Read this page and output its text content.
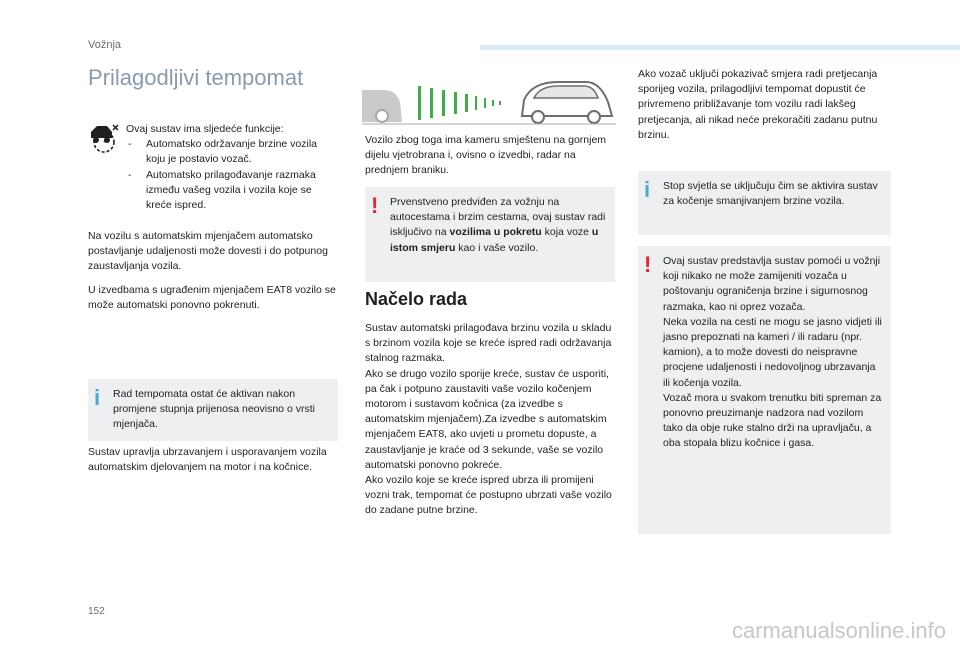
Vožnja
Prilagodljivi tempomat

Ovaj sustav ima sljedeće funkcije:

- Automatsko održavanje brzine vozila koju je postavio vozač.
- Automatsko prilagođavanje razmaka između vašeg vozila i vozila koje se kreće ispred.

Na vozilu s automatskim mjenjačem automatsko postavljanje udaljenosti može dovesti i do potpunog zaustavljanja vozila.

U izvedbama s ugrađenim mjenjačem EAT8 vozilo se može automatski ponovno pokrenuti.

i Rad tempomata ostat će aktivan nakon promjene stupnja prijenosa neovisno o vrsti mjenjača.

Sustav upravlja ubrzavanjem i usporavanjem vozila automatskim djelovanjem na motor i na kočnice.

Vozilo zbog toga ima kameru smještenu na gornjem dijelu vjetrobrana i, ovisno o izvedbi, radar na prednjem braniku.

! Prvenstveno predviđen za vožnju na autocestama i brzim cestama, ovaj sustav radi isključivo na vozilima u pokretu koja voze u istom smjeru kao i vaše vozilo.

Načelo rada

Sustav automatski prilagođava brzinu vozila u skladu s brzinom vozila koje se kreće ispred radi održavanja stalnog razmaka.

Ako se drugo vozilo sporije kreće, sustav će usporiti, pa čak i potpuno zaustaviti vaše vozilo kočenjem motorom i sustavom kočnica (za izvedbe s automatskim mjenjačem).Za izvedbe s automatskim mjenjačem EAT8, ako uvjeti u prometu dopuste, a zaustavljanje je kraće od 3 sekunde, vaše se vozilo automatski ponovno pokreće.

Ako vozilo koje se kreće ispred ubrza ili promijeni vozni trak, tempomat će postupno ubrzati vaše vozilo do zadane putne brzine.

Ako vozač uključi pokazivač smjera radi pretjecanja sporijeg vozila, prilagodljivi tempomat dopustit će privremeno približavanje tom vozilu radi lakšeg pretjecanja, ali nikad neće prekoračiti zadanu putnu brzinu.

i Stop svjetla se uključuju čim se aktivira sustav za kočenje smanjivanjem brzine vozila.

! Ovaj sustav predstavlja sustav pomoći u vožnji koji nikako ne može zamijeniti vozača u poštovanju ograničenja brzine i sigurnosnog razmaka, kao ni oprez vozača.

Neka vozila na cesti ne mogu se jasno vidjeti ili jasno prepoznati na kameri / ili radaru (npr. kamion), a to može dovesti do neispravne procjene udaljenosti i nedovoljnog ubrzavanja ili kočenja vozila.

Vozač mora u svakom trenutku biti spreman za ponovno preuzimanje nadzora nad vozilom tako da obje ruke stalno drži na upravljaču, a oba stopala blizu kočnice i gasa.

152
carmanualsonline.info
